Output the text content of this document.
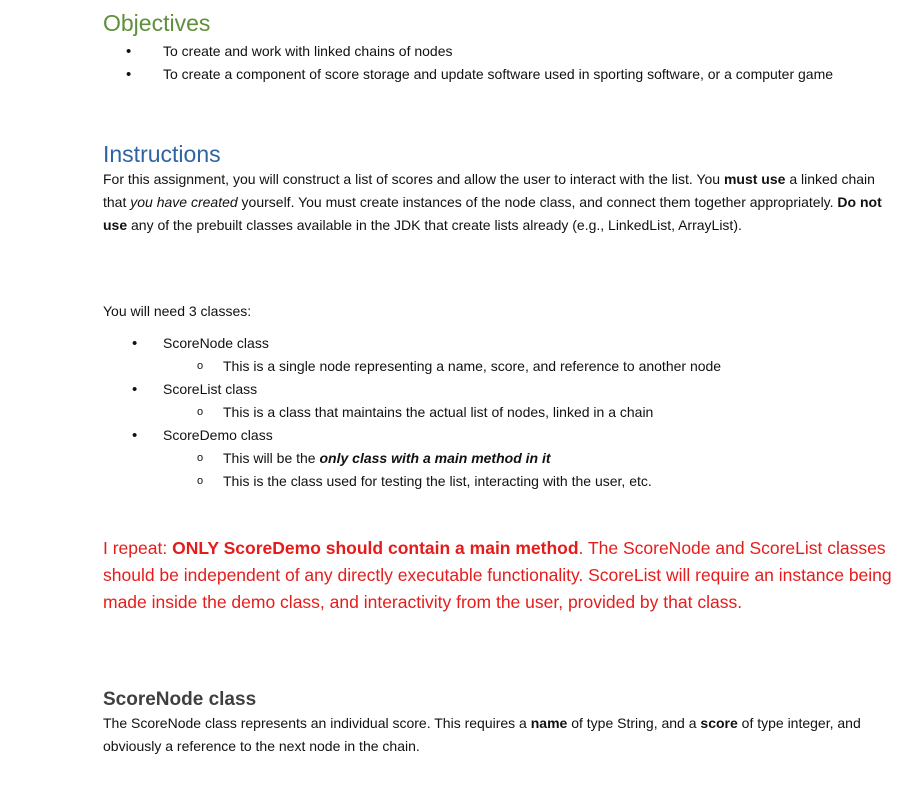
Objectives
• To create and work with linked chains of nodes
• To create a component of score storage and update software used in sporting software, or a computer game
Instructions
For this assignment, you will construct a list of scores and allow the user to interact with the list. You must use a linked chain that you have created yourself. You must create instances of the node class, and connect them together appropriately. Do not use any of the prebuilt classes available in the JDK that create lists already (e.g., LinkedList, ArrayList).
You will need 3 classes:
• ScoreNode class
o This is a single node representing a name, score, and reference to another node
• ScoreList class
o This is a class that maintains the actual list of nodes, linked in a chain
• ScoreDemo class
o This will be the only class with a main method in it
o This is the class used for testing the list, interacting with the user, etc.
I repeat: ONLY ScoreDemo should contain a main method. The ScoreNode and ScoreList classes should be independent of any directly executable functionality. ScoreList will require an instance being made inside the demo class, and interactivity from the user, provided by that class.
ScoreNode class
The ScoreNode class represents an individual score. This requires a name of type String, and a score of type integer, and obviously a reference to the next node in the chain.
